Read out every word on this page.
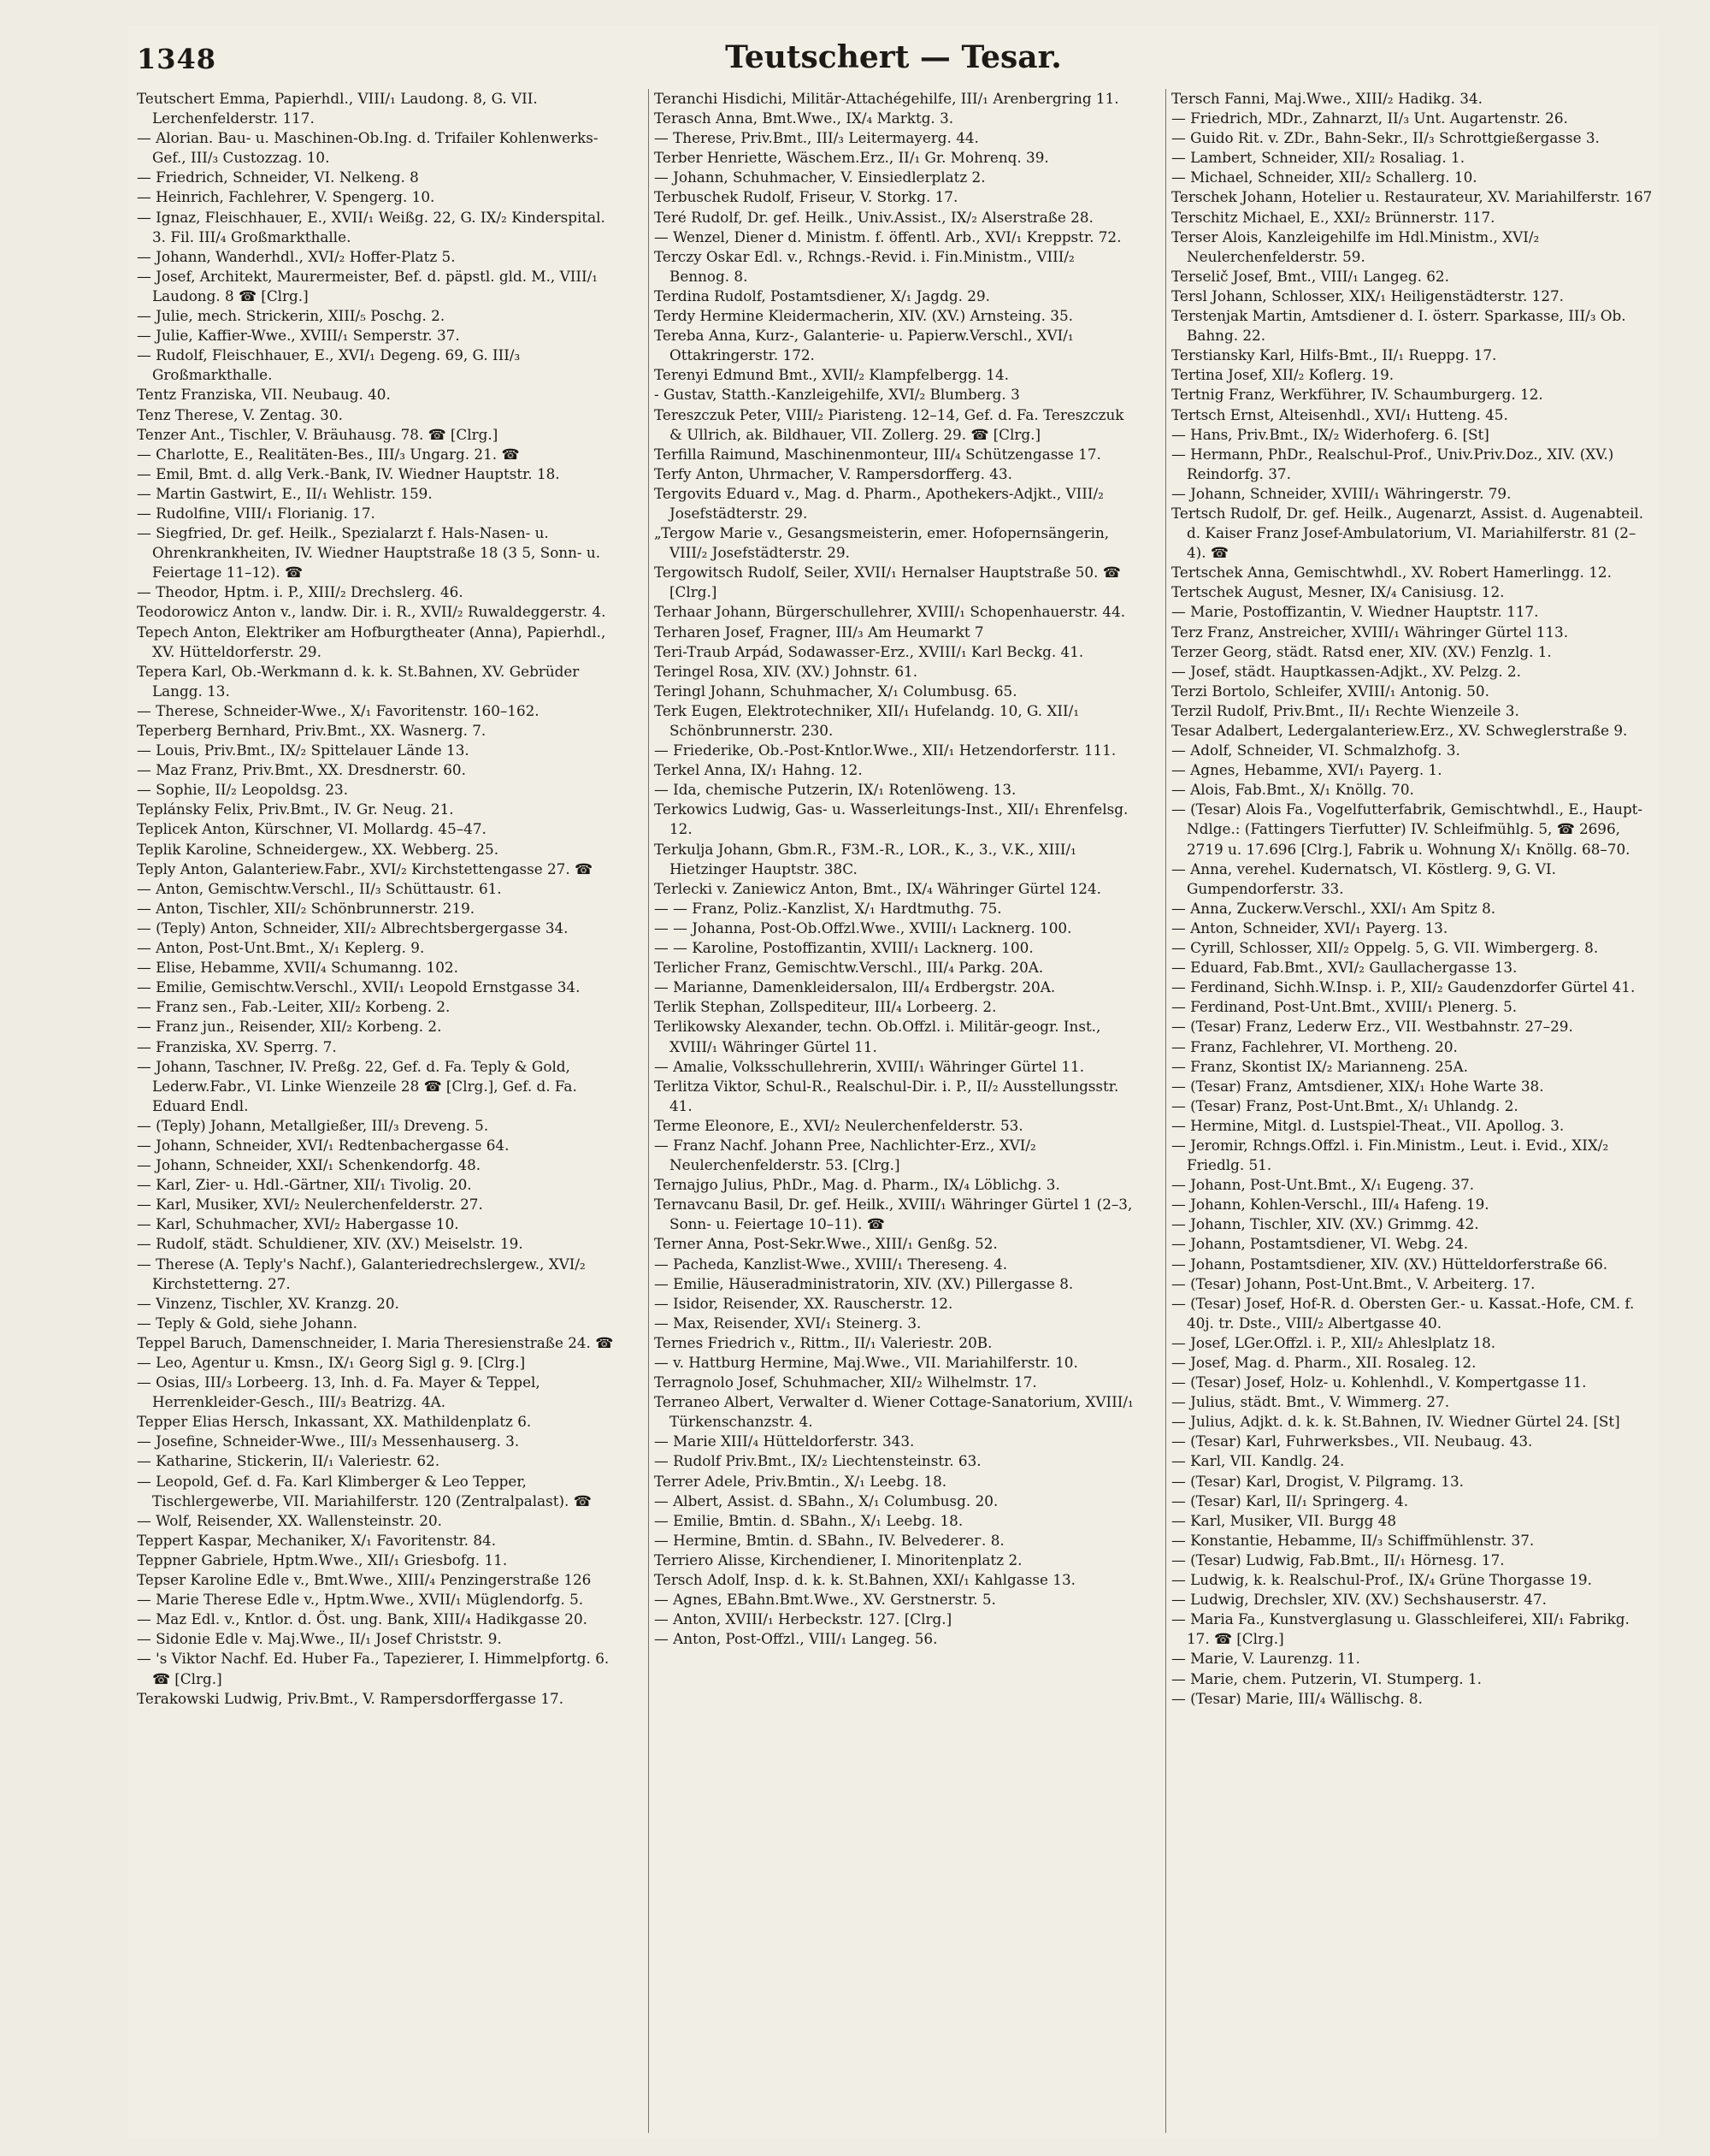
1348	Teutschert — Tesar.

Teutschert Emma, Papierhdl., VIII/₁ Laudong. 8, G. VII. Lerchenfelderstr. 117.

— Alorian. Bau- u. Maschinen-Ob.Ing. d. Trifailer Kohlenwerks-Gef., III/₃ Custozzag. 10.

— Friedrich, Schneider, VI. Nelkeng. 8

— Heinrich, Fachlehrer, V. Spengerg. 10.

— Ignaz, Fleischhauer, E., XVII/₁ Weißg. 22, G. IX/₂ Kinderspital. 3. Fil. III/₄ Großmarkthalle.

— Johann, Wanderhdl., XVI/₂ Hoffer-Platz 5.

— Josef, Architekt, Maurermeister, Bef. d. päpstl. gld. M., VIII/₁ Laudong. 8 ☎ [Clrg.]

— Julie, mech. Strickerin, XIII/₅ Poschg. 2.

— Julie, Kaffier-Wwe., XVIII/₁ Semperstr. 37.

— Rudolf, Fleischhauer, E., XVI/₁ Degeng. 69, G. III/₃ Großmarkthalle.

Tentz Franziska, VII. Neubaug. 40.

Tenz Therese, V. Zentag. 30.

Tenzer Ant., Tischler, V. Bräuhausg. 78. ☎ [Clrg.]

— Charlotte, E., Realitäten-Bes., III/₃ Ungarg. 21. ☎

— Emil, Bmt. d. allg Verk.-Bank, IV. Wiedner Hauptstr. 18.

— Martin Gastwirt, E., II/₁ Wehlistr. 159.

— Rudolfine, VIII/₁ Florianig. 17.

— Siegfried, Dr. gef. Heilk., Spezialarzt f. Hals-Nasen- u. Ohrenkrankheiten, IV. Wiedner Hauptstraße 18 (3 5, Sonn- u. Feiertage 11–12). ☎

— Theodor, Hptm. i. P., XIII/₂ Drechslerg. 46.

Teodorowicz Anton v., landw. Dir. i. R., XVII/₂ Ruwaldeggerstr. 4.

Tepech Anton, Elektriker am Hofburgtheater (Anna), Papierhdl., XV. Hütteldorferstr. 29.

Tepera Karl, Ob.-Werkmann d. k. k. St.Bahnen, XV. Gebrüder Langg. 13.

— Therese, Schneider-Wwe., X/₁ Favoritenstr. 160–162.

Teperberg Bernhard, Priv.Bmt., XX. Wasnerg. 7.

— Louis, Priv.Bmt., IX/₂ Spittelauer Lände 13.

— Maz Franz, Priv.Bmt., XX. Dresdnerstr. 60.

— Sophie, II/₂ Leopoldsg. 23.

Teplánsky Felix, Priv.Bmt., IV. Gr. Neug. 21.

Teplicek Anton, Kürschner, VI. Mollardg. 45–47.

Teplik Karoline, Schneidergew., XX. Webberg. 25.

Teply Anton, Galanteriew.Fabr., XVI/₂ Kirchstettengasse 27. ☎

— Anton, Gemischtw.Verschl., II/₃ Schüttaustr. 61.

— Anton, Tischler, XII/₂ Schönbrunnerstr. 219.

— (Teply) Anton, Schneider, XII/₂ Albrechtsbergergasse 34.

— Anton, Post-Unt.Bmt., X/₁ Keplerg. 9.

— Elise, Hebamme, XVII/₄ Schumanng. 102.

— Emilie, Gemischtw.Verschl., XVII/₁ Leopold Ernstgasse 34.

— Franz sen., Fab.-Leiter, XII/₂ Korbeng. 2.

— Franz jun., Reisender, XII/₂ Korbeng. 2.

— Franziska, XV. Sperrg. 7.

— Johann, Taschner, IV. Preßg. 22, Gef. d. Fa. Teply & Gold, Lederw.Fabr., VI. Linke Wienzeile 28 ☎ [Clrg.], Gef. d. Fa. Eduard Endl.

— (Teply) Johann, Metallgießer, III/₃ Dreveng. 5.

— Johann, Schneider, XVI/₁ Redtenbachergasse 64.

— Johann, Schneider, XXI/₁ Schenkendorfg. 48.

— Karl, Zier- u. Hdl.-Gärtner, XII/₁ Tivolig. 20.

— Karl, Musiker, XVI/₂ Neulerchenfelderstr. 27.

— Karl, Schuhmacher, XVI/₂ Habergasse 10.

— Rudolf, städt. Schuldiener, XIV. (XV.) Meiselstr. 19.

— Therese (A. Teply's Nachf.), Galanteriedrechslergew., XVI/₂ Kirchstetterng. 27.

— Vinzenz, Tischler, XV. Kranzg. 20.

— Teply & Gold, siehe Johann.

Teppel Baruch, Damenschneider, I. Maria Theresienstraße 24. ☎

— Leo, Agentur u. Kmsn., IX/₁ Georg Sigl g. 9. [Clrg.]

— Osias, III/₃ Lorbeerg. 13, Inh. d. Fa. Mayer & Teppel, Herrenkleider-Gesch., III/₃ Beatrizg. 4A.

Tepper Elias Hersch, Inkassant, XX. Mathildenplatz 6.

— Josefine, Schneider-Wwe., III/₃ Messenhauserg. 3.

— Katharine, Stickerin, II/₁ Valeriestr. 62.

— Leopold, Gef. d. Fa. Karl Klimberger & Leo Tepper, Tischlergewerbe, VII. Mariahilferstr. 120 (Zentralpalast). ☎

— Wolf, Reisender, XX. Wallensteinstr. 20.

Teppert Kaspar, Mechaniker, X/₁ Favoritenstr. 84.

Teppner Gabriele, Hptm.Wwe., XII/₁ Griesbofg. 11.

Tepser Karoline Edle v., Bmt.Wwe., XIII/₄ Penzingerstraße 126

— Marie Therese Edle v., Hptm.Wwe., XVII/₁ Müglendorfg. 5.

— Maz Edl. v., Kntlor. d. Öst. ung. Bank, XIII/₄ Hadikgasse 20.

— Sidonie Edle v. Maj.Wwe., II/₁ Josef Christstr. 9.

— 's Viktor Nachf. Ed. Huber Fa., Tapezierer, I. Himmelpfortg. 6. ☎ [Clrg.]

Terakowski Ludwig, Priv.Bmt., V. Rampersdorffergasse 17.

Teranchi Hisdichi, Militär-Attachégehilfe, III/₁ Arenbergring 11.

Terasch Anna, Bmt.Wwe., IX/₄ Marktg. 3.

— Therese, Priv.Bmt., III/₃ Leitermayerg. 44.

Terber Henriette, Wäschem.Erz., II/₁ Gr. Mohrenq. 39.

— Johann, Schuhmacher, V. Einsiedlerplatz 2.

Terbuschek Rudolf, Friseur, V. Storkg. 17.

Teré Rudolf, Dr. gef. Heilk., Univ.Assist., IX/₂ Alserstraße 28.

— Wenzel, Diener d. Ministm. f. öffentl. Arb., XVI/₁ Kreppstr. 72.

Terczy Oskar Edl. v., Rchngs.-Revid. i. Fin.Ministm., VIII/₂ Bennog. 8.

Terdina Rudolf, Postamtsdiener, X/₁ Jagdg. 29.

Terdy Hermine Kleidermacherin, XIV. (XV.) Arnsteing. 35.

Tereba Anna, Kurz-, Galanterie- u. Papierw.Verschl., XVI/₁ Ottakringerstr. 172.

Terenyi Edmund Bmt., XVII/₂ Klampfelbergg. 14.

- Gustav, Statth.-Kanzleigehilfe, XVI/₂ Blumberg. 3

Tereszczuk Peter, VIII/₂ Piaristeng. 12–14, Gef. d. Fa. Tereszczuk & Ullrich, ak. Bildhauer, VII. Zollerg. 29. ☎ [Clrg.]

Terfilla Raimund, Maschinenmonteur, III/₄ Schützengasse 17.

Terfy Anton, Uhrmacher, V. Rampersdorfferg. 43.

Tergovits Eduard v., Mag. d. Pharm., Apothekers-Adjkt., VIII/₂ Josefstädterstr. 29.

„Tergow Marie v., Gesangsmeisterin, emer. Hofopernsängerin, VIII/₂ Josefstädterstr. 29.

Tergowitsch Rudolf, Seiler, XVII/₁ Hernalser Hauptstraße 50. ☎ [Clrg.]

Terhaar Johann, Bürgerschullehrer, XVIII/₁ Schopenhauerstr. 44.

Terharen Josef, Fragner, III/₃ Am Heumarkt 7

Teri-Traub Arpád, Sodawasser-Erz., XVIII/₁ Karl Beckg. 41.

Teringel Rosa, XIV. (XV.) Johnstr. 61.

Teringl Johann, Schuhmacher, X/₁ Columbusg. 65.

Terk Eugen, Elektrotechniker, XII/₁ Hufelandg. 10, G. XII/₁ Schönbrunnerstr. 230.

— Friederike, Ob.-Post-Kntlor.Wwe., XII/₁ Hetzendorferstr. 111.

Terkel Anna, IX/₁ Hahng. 12.

— Ida, chemische Putzerin, IX/₁ Rotenlöweng. 13.

Terkowics Ludwig, Gas- u. Wasserleitungs-Inst., XII/₁ Ehrenfelsg. 12.

Terkulja Johann, Gbm.R., F3M.‑R., LOR., K., 3., V.K., XIII/₁ Hietzinger Hauptstr. 38C.

Terlecki v. Zaniewicz Anton, Bmt., IX/₄ Währinger Gürtel 124.

— — Franz, Poliz.-Kanzlist, X/₁ Hardtmuthg. 75.

— — Johanna, Post-Ob.Offzl.Wwe., XVIII/₁ Lacknerg. 100.

— — Karoline, Postoffizantin, XVIII/₁ Lacknerg. 100.

Terlicher Franz, Gemischtw.Verschl., III/₄ Parkg. 20A.

— Marianne, Damenkleidersalon, III/₄ Erdbergstr. 20A.

Terlik Stephan, Zollspediteur, III/₄ Lorbeerg. 2.

Terlikowsky Alexander, techn. Ob.Offzl. i. Militär-geogr. Inst., XVIII/₁ Währinger Gürtel 11.

— Amalie, Volksschullehrerin, XVIII/₁ Währinger Gürtel 11.

Terlitza Viktor, Schul-R., Realschul-Dir. i. P., II/₂ Ausstellungsstr. 41.

Terme Eleonore, E., XVI/₂ Neulerchenfelderstr. 53.

— Franz Nachf. Johann Pree, Nachlichter-Erz., XVI/₂ Neulerchenfelderstr. 53. [Clrg.]

Ternajgo Julius, PhDr., Mag. d. Pharm., IX/₄ Löblichg. 3.

Ternavcanu Basil, Dr. gef. Heilk., XVIII/₁ Währinger Gürtel 1 (2–3, Sonn- u. Feiertage 10–11). ☎

Terner Anna, Post-Sekr.Wwe., XIII/₁ Genßg. 52.

— Pacheda, Kanzlist-Wwe., XVIII/₁ Thereseng. 4.

— Emilie, Häuseradministratorin, XIV. (XV.) Pillergasse 8.

— Isidor, Reisender, XX. Rauscherstr. 12.

— Max, Reisender, XVI/₁ Steinerg. 3.

Ternes Friedrich v., Rittm., II/₁ Valeriestr. 20B.

— v. Hattburg Hermine, Maj.Wwe., VII. Mariahilferstr. 10.

Terragnolo Josef, Schuhmacher, XII/₂ Wilhelmstr. 17.

Terraneo Albert, Verwalter d. Wiener Cottage-Sanatorium, XVIII/₁ Türkenschanzstr. 4.

— Marie XIII/₄ Hütteldorferstr. 343.

— Rudolf Priv.Bmt., IX/₂ Liechtensteinstr. 63.

Terrer Adele, Priv.Bmtin., X/₁ Leebg. 18.

— Albert, Assist. d. SBahn., X/₁ Columbusg. 20.

— Emilie, Bmtin. d. SBahn., X/₁ Leebg. 18.

— Hermine, Bmtin. d. SBahn., IV. Belvederег. 8.

Terriero Alisse, Kirchendiener, I. Minoritenplatz 2.

Tersch Adolf, Insp. d. k. k. St.Bahnen, XXI/₁ Kahlgasse 13.

— Agnes, EBahn.Bmt.Wwe., XV. Gerstnerstr. 5.

— Anton, XVIII/₁ Herbeckstr. 127. [Clrg.]

— Anton, Post-Offzl., VIII/₁ Langeg. 56.

Tersch Fanni, Maj.Wwe., XIII/₂ Hadikg. 34.

— Friedrich, MDr., Zahnarzt, II/₃ Unt. Augartenstr. 26.

— Guido Rit. v. ZDr., Bahn-Sekr., II/₃ Schrottgießergasse 3.

— Lambert, Schneider, XII/₂ Rosaliag. 1.

— Michael, Schneider, XII/₂ Schallerg. 10.

Terschek Johann, Hotelier u. Restaurateur, XV. Mariahilferstr. 167

Terschitz Michael, E., XXI/₂ Brünnerstr. 117.

Terser Alois, Kanzleigehilfe im Hdl.Ministm., XVI/₂ Neulerchenfelderstr. 59.

Terselič Josef, Bmt., VIII/₁ Langeg. 62.

Tersl Johann, Schlosser, XIX/₁ Heiligenstädterstr. 127.

Terstenjak Martin, Amtsdiener d. I. österr. Sparkasse, III/₃ Ob. Bahng. 22.

Terstiansky Karl, Hilfs-Bmt., II/₁ Rueppg. 17.

Tertina Josef, XII/₂ Koflerg. 19.

Tertnig Franz, Werkführer, IV. Schaumburgerg. 12.

Tertsch Ernst, Alteisenhdl., XVI/₁ Hutteng. 45.

— Hans, Priv.Bmt., IX/₂ Widerhoferg. 6. [St]

— Hermann, PhDr., Realschul-Prof., Univ.Priv.Doz., XIV. (XV.) Reindorfg. 37.

— Johann, Schneider, XVIII/₁ Währingerstr. 79.

Tertsch Rudolf, Dr. gef. Heilk., Augenarzt, Assist. d. Augenabteil. d. Kaiser Franz Josef-Ambulatorium, VI. Mariahilferstr. 81 (2–4). ☎

Tertschek Anna, Gemischtwhdl., XV. Robert Hamerlingg. 12.

Tertschek August, Mesner, IX/₄ Canisiusg. 12.

— Marie, Postoffizantin, V. Wiedner Hauptstr. 117.

Terz Franz, Anstreicher, XVIII/₁ Währinger Gürtel 113.

Terzer Georg, städt. Ratsd ener, XIV. (XV.) Fenzlg. 1.

— Josef, städt. Hauptkassen-Adjkt., XV. Pelzg. 2.

Terzi Bortolo, Schleifer, XVIII/₁ Antonig. 50.

Terzil Rudolf, Priv.Bmt., II/₁ Rechte Wienzeile 3.

Tesar Adalbert, Ledergalanteriew.Erz., XV. Schweglerstraße 9.

— Adolf, Schneider, VI. Schmalzhofg. 3.

— Agnes, Hebamme, XVI/₁ Payerg. 1.

— Alois, Fab.Bmt., X/₁ Knöllg. 70.

— (Tesar) Alois Fa., Vogelfutterfabrik, Gemischtwhdl., E., Haupt-Ndlge.: (Fattingers Tierfutter) IV. Schleifmühlg. 5, ☎ 2696, 2719 u. 17.696 [Clrg.], Fabrik u. Wohnung X/₁ Knöllg. 68–70.

— Anna, verehel. Kudernatsch, VI. Köstlerg. 9, G. VI. Gumpendorferstr. 33.

— Anna, Zuckerw.Verschl., XXI/₁ Am Spitz 8.

— Anton, Schneider, XVI/₁ Payerg. 13.

— Cyrill, Schlosser, XII/₂ Oppelg. 5, G. VII. Wimbergerg. 8.

— Eduard, Fab.Bmt., XVI/₂ Gaullachergasse 13.

— Ferdinand, Sichh.W.Insp. i. P., XII/₂ Gaudenzdorfer Gürtel 41.

— Ferdinand, Post-Unt.Bmt., XVIII/₁ Plenerg. 5.

— (Tesar) Franz, Lederw Erz., VII. Westbahnstr. 27–29.

— Franz, Fachlehrer, VI. Mortheng. 20.

— Franz, Skontist IX/₂ Marianneng. 25A.

— (Tesar) Franz, Amtsdiener, XIX/₁ Hohe Warte 38.

— (Tesar) Franz, Post-Unt.Bmt., X/₁ Uhlandg. 2.

— Hermine, Mitgl. d. Lustspiel-Theat., VII. Apollog. 3.

— Jeromir, Rchngs.Offzl. i. Fin.Ministm., Leut. i. Evid., XIX/₂ Friedlg. 51.

— Johann, Post-Unt.Bmt., X/₁ Eugeng. 37.

— Johann, Kohlen-Verschl., III/₄ Hafeng. 19.

— Johann, Tischler, XIV. (XV.) Grimmg. 42.

— Johann, Postamtsdiener, VI. Webg. 24.

— Johann, Postamtsdiener, XIV. (XV.) Hütteldorferstraße 66.

— (Tesar) Johann, Post-Unt.Bmt., V. Arbeiterg. 17.

— (Tesar) Josef, Hof-R. d. Obersten Ger.- u. Kassat.-Hofe, CM. f. 40j. tr. Dste., VIII/₂ Albertgasse 40.

— Josef, LGer.Offzl. i. P., XII/₂ Ahleslplatz 18.

— Josef, Mag. d. Pharm., XII. Rosaleg. 12.

— (Tesar) Josef, Holz- u. Kohlenhdl., V. Kompertgasse 11.

— Julius, städt. Bmt., V. Wimmerg. 27.

— Julius, Adjkt. d. k. k. St.Bahnen, IV. Wiedner Gürtel 24. [St]

— (Tesar) Karl, Fuhrwerksbes., VII. Neubaug. 43.

— Karl, VII. Kandlg. 24.

— (Tesar) Karl, Drogist, V. Pilgramg. 13.

— (Tesar) Karl, II/₁ Springerg. 4.

— Karl, Musiker, VII. Burgg 48

— Konstantie, Hebamme, II/₃ Schiffmühlenstr. 37.

— (Tesar) Ludwig, Fab.Bmt., II/₁ Hörnesg. 17.

— Ludwig, k. k. Realschul-Prof., IX/₄ Grüne Thorgasse 19.

— Ludwig, Drechsler, XIV. (XV.) Sechshauserstr. 47.

— Maria Fa., Kunstverglasung u. Glasschleiferei, XII/₁ Fabrikg. 17. ☎ [Clrg.]

— Marie, V. Laurenzg. 11.

— Marie, chem. Putzerin, VI. Stumperg. 1.

— (Tesar) Marie, III/₄ Wällischg. 8.
